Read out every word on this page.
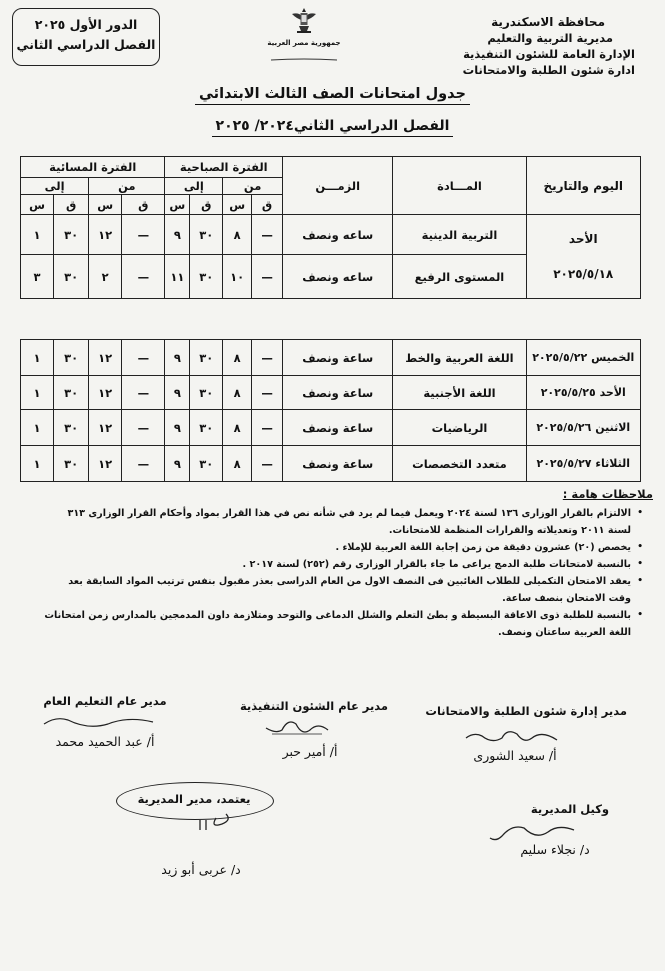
محافظة الاسكندرية
مديرية التربية والتعليم
الإدارة العامة للشئون التنفيذية
ادارة شئون الطلبة والامتحانات
جمهورية مصر العربية
الدور الأول ٢٠٢٥
الفصل الدراسي الثاني
جدول امتحانات الصف الثالث الابتدائي
الفصل الدراسي الثاني٢٠٢٤/ ٢٠٢٥
اليوم والتاريخ	المـــادة	الزمـــن	الفترة الصباحية				الفترة المسائية			
			من		إلى		من		إلى	
			ق	س	ق	س	ق	س	ق	س

الأحد
٢٠٢٥/٥/١٨	التربية الدينية	ساعه ونصف	—	٨	٣٠	٩	—	١٢	٣٠	١
	المستوى الرفيع	ساعه ونصف	—	١٠	٣٠	١١	—	٢	٣٠	٣
الخميس ٢٠٢٥/٥/٢٢	اللغة العربية والخط	ساعة ونصف	—	٨	٣٠	٩	—	١٢	٣٠	١
الأحد ٢٠٢٥/٥/٢٥	اللغة الأجنبية	ساعة ونصف	—	٨	٣٠	٩	—	١٢	٣٠	١
الاثنين ٢٠٢٥/٥/٢٦	الرياضيات	ساعة ونصف	—	٨	٣٠	٩	—	١٢	٣٠	١
الثلاثاء ٢٠٢٥/٥/٢٧	متعدد التخصصات	ساعة ونصف	—	٨	٣٠	٩	—	١٢	٣٠	١
ملاحظات هامة :
•
الالتزام بالقرار الوزارى ١٣٦ لسنة ٢٠٢٤ ويعمل فيما لم يرد في شأنه نص في هذا القرار بمواد وأحكام القرار الوزارى ٣١٣ لسنة ٢٠١١ وتعديلاته والقرارات المنظمة للامتحانات.
•
يخصص (٢٠) عشرون دقيقة من زمن إجابة اللغة العربية للإملاء .
•
بالنسبة لامتحانات طلبة الدمج يراعى ما جاء بالقرار الوزارى رقم (٢٥٢) لسنة ٢٠١٧ .
•
يعقد الامتحان التكميلى للطلاب الغائبين فى النصف الاول من العام الدراسى بعذر مقبول بنفس ترتيب المواد السابقة بعد وقت الامتحان بنصف ساعة.
•
بالنسبة للطلبة ذوى الاعاقة البسيطة و بطئ التعلم والشلل الدماغى والتوحد ومتلازمة داون المدمجين بالمدارس زمن امتحانات اللغة العربية ساعتان ونصف.
مدير إدارة شئون الطلبة والامتحانات
أ/ سعيد الشورى
مدير عام الشئون التنفيذية
أ/ أمير حبر
مدير عام التعليم العام
أ/ عبد الحميد محمد
وكيل المديرية
د/ نجلاء سليم
يعتمد، مدير المديرية
د/ عربى أبو زيد
